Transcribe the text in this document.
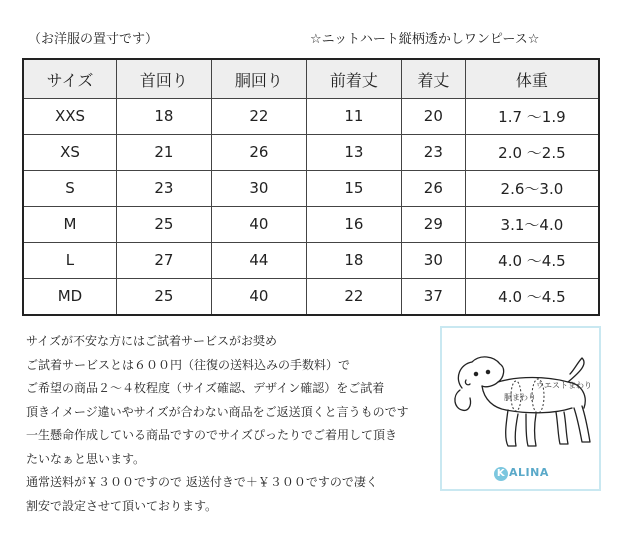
（お洋服の置寸です）	☆ニットハート縦柄透かしワンピース☆
サイズ	首回り	胴回り	前着丈	着丈	体重
XXS	18	22	11	20	1.7 〜1.9
XS	21	26	13	23	2.0 〜2.5
S	23	30	15	26	2.6〜3.0
M	25	40	16	29	3.1〜4.0
L	27	44	18	30	4.0 〜4.5
MD	25	40	22	37	4.0 〜4.5
サイズが不安な方にはご試着サービスがお奨め
ご試着サービスとは６００円（往復の送料込みの手数料）で
ご希望の商品２〜４枚程度（サイズ確認、デザイン確認）をご試着
頂きイメージ違いやサイズが合わない商品をご返送頂くと言うものです
一生懸命作成している商品ですのでサイズぴったりでご着用して頂き
たいなぁと思います。
通常送料が￥３００ですので 返送付きで＋￥３００ですので凄く
割安で設定させて頂いております。
ウエストまわり
胴まわり
K ALINA
